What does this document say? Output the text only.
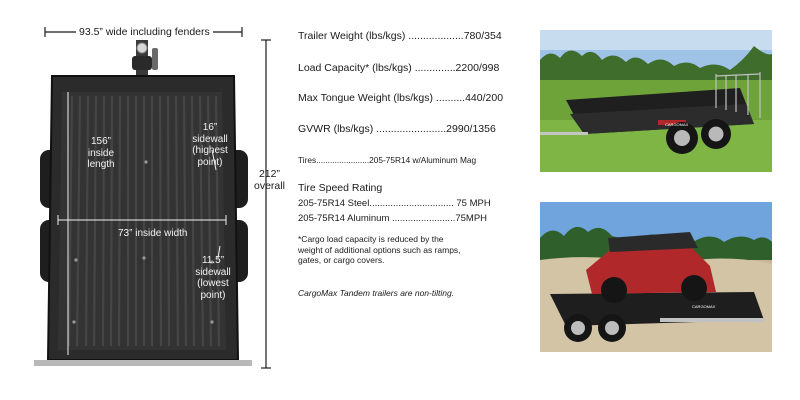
93.5” wide including fenders
212”
overall
156”
inside
length
16”
sidewall
(highest
point)
73” inside width
11.5”
sidewall
(lowest
point)
Trailer Weight (lbs/kgs) ...................780/354
Load Capacity* (lbs/kgs) ..............2200/998
Max Tongue Weight (lbs/kgs) ..........440/200
GVWR (lbs/kgs) ........................2990/1356
Tires.......................205-75R14 w/Aluminum Mag
Tire Speed Rating
205-75R14 Steel................................ 75 MPH
205-75R14 Aluminum ........................75MPH
*Cargo load capacity is reduced by the
weight of additional options such as ramps,
gates, or cargo covers.
CargoMax Tandem trailers are non-tilting.
CARGOMAX
CARGOMAX
